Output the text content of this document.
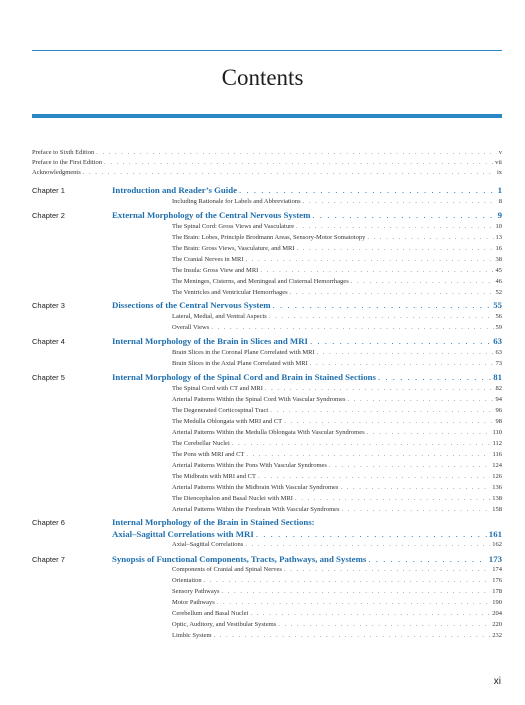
Contents
Preface to Sixth Edition . . .	v
Preface to the First Edition . . .	vii
Acknowledgments . . .	ix
Chapter 1	Introduction and Reader’s Guide . . .	1
Including Rationale for Labels and Abbreviations . . .	8
Chapter 2	External Morphology of the Central Nervous System . . .	9
The Spinal Cord: Gross Views and Vasculature . . .	10
The Brain: Lobes, Principle Brodmann Areas, Sensory-Motor Somatotopy . . .	13
The Brain: Gross Views, Vasculature, and MRI . . .	16
The Cranial Nerves in MRI . . .	38
The Insula: Gross View and MRI . . .	45
The Meninges, Cisterns, and Meningeal and Cisternal Hemorrhages . . .	46
The Ventricles and Ventricular Hemorrhages . . .	52
Chapter 3	Dissections of the Central Nervous System . . .	55
Lateral, Medial, and Ventral Aspects . . .	56
Overall Views . . .	59
Chapter 4	Internal Morphology of the Brain in Slices and MRI . . .	63
Brain Slices in the Coronal Plane Correlated with MRI . . .	63
Brain Slices in the Axial Plane Correlated with MRI . . .	73
Chapter 5	Internal Morphology of the Spinal Cord and Brain in Stained Sections . . .	81
The Spinal Cord with CT and MRI . . .	82
Arterial Patterns Within the Spinal Cord With Vascular Syndromes . . .	94
The Degenerated Corticospinal Tract . . .	96
The Medulla Oblongata with MRI and CT . . .	98
Arterial Patterns Within the Medulla Oblongata With Vascular Syndromes . . .	110
The Cerebellar Nuclei . . .	112
The Pons with MRI and CT . . .	116
Arterial Patterns Within the Pons With Vascular Syndromes . . .	124
The Midbrain with MRI and CT . . .	126
Arterial Patterns Within the Midbrain With Vascular Syndromes . . .	136
The Diencephalon and Basal Nuclei with MRI . . .	138
Arterial Patterns Within the Forebrain With Vascular Syndromes . . .	158
Chapter 6	Internal Morphology of the Brain in Stained Sections:
Axial–Sagittal Correlations with MRI . . .	161
Axial–Sagittal Correlations . . .	162
Chapter 7	Synopsis of Functional Components, Tracts, Pathways, and Systems . . .	173
Components of Cranial and Spinal Nerves . . .	174
Orientation . . .	176
Sensory Pathways . . .	178
Motor Pathways . . .	190
Cerebellum and Basal Nuclei . . .	204
Optic, Auditory, and Vestibular Systems . . .	220
Limbic System . . .	232
xi
